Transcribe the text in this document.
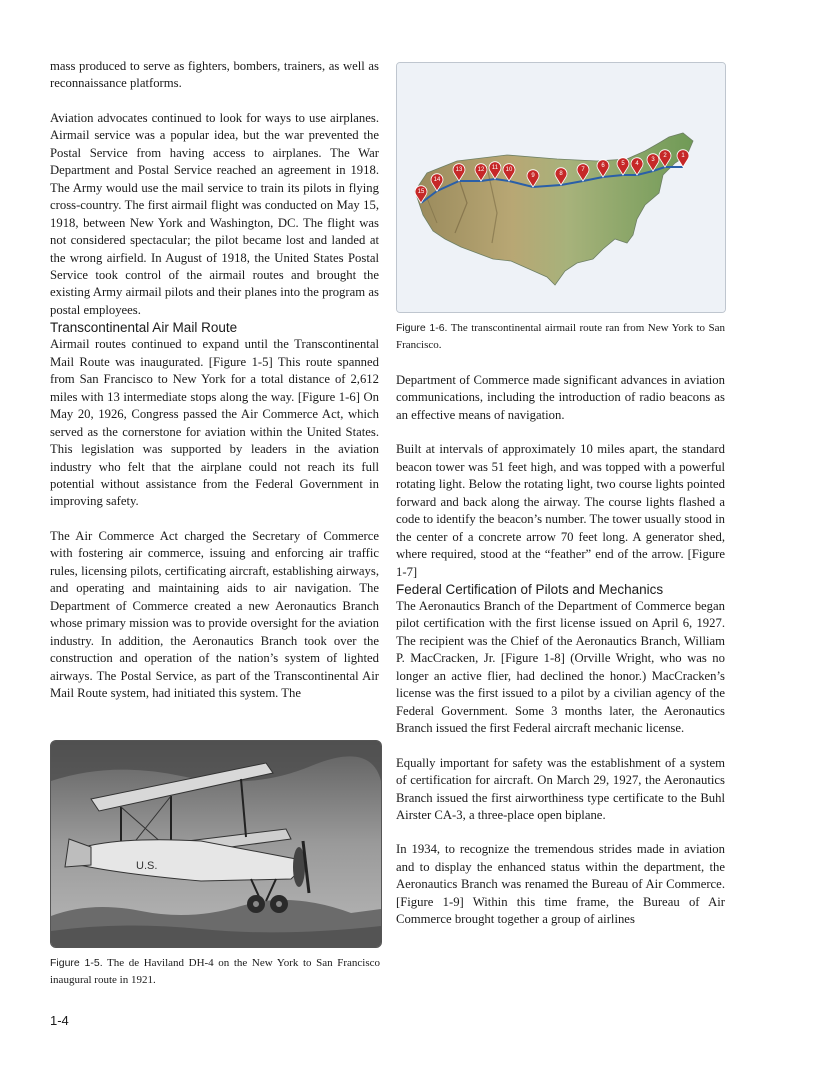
mass produced to serve as fighters, bombers, trainers, as well as reconnaissance platforms.

Aviation advocates continued to look for ways to use airplanes. Airmail service was a popular idea, but the war prevented the Postal Service from having access to airplanes. The War Department and Postal Service reached an agreement in 1918. The Army would use the mail service to train its pilots in flying cross-country. The first airmail flight was conducted on May 15, 1918, between New York and Washington, DC. The flight was not considered spectacular; the pilot became lost and landed at the wrong airfield. In August of 1918, the United States Postal Service took control of the airmail routes and brought the existing Army airmail pilots and their planes into the program as postal employees.

Transcontinental Air Mail Route

Airmail routes continued to expand until the Transcontinental Mail Route was inaugurated. [Figure 1-5] This route spanned from San Francisco to New York for a total distance of 2,612 miles with 13 intermediate stops along the way. [Figure 1-6] On May 20, 1926, Congress passed the Air Commerce Act, which served as the cornerstone for aviation within the United States. This legislation was supported by leaders in the aviation industry who felt that the airplane could not reach its full potential without assistance from the Federal Government in improving safety.

The Air Commerce Act charged the Secretary of Commerce with fostering air commerce, issuing and enforcing air traffic rules, licensing pilots, certificating aircraft, establishing airways, and operating and maintaining aids to air navigation. The Department of Commerce created a new Aeronautics Branch whose primary mission was to provide oversight for the aviation industry. In addition, the Aeronautics Branch took over the construction and operation of the nation’s system of lighted airways. The Postal Service, as part of the Transcontinental Air Mail Route system, had initiated this system. The

U.S.
Figure 1-5. The de Haviland DH-4 on the New York to San Francisco inaugural route in 1921.
1
2
3
4
5
6
7
8
9
10
11
12
13
14
15
Figure 1-6. The transcontinental airmail route ran from New York to San Francisco.

Department of Commerce made significant advances in aviation communications, including the introduction of radio beacons as an effective means of navigation.

Built at intervals of approximately 10 miles apart, the standard beacon tower was 51 feet high, and was topped with a powerful rotating light. Below the rotating light, two course lights pointed forward and back along the airway. The course lights flashed a code to identify the beacon’s number. The tower usually stood in the center of a concrete arrow 70 feet long. A generator shed, where required, stood at the “feather” end of the arrow. [Figure 1-7]

Federal Certification of Pilots and Mechanics

The Aeronautics Branch of the Department of Commerce began pilot certification with the first license issued on April 6, 1927. The recipient was the Chief of the Aeronautics Branch, William P. MacCracken, Jr. [Figure 1-8] (Orville Wright, who was no longer an active flier, had declined the honor.) MacCracken’s license was the first issued to a pilot by a civilian agency of the Federal Government. Some 3 months later, the Aeronautics Branch issued the first Federal aircraft mechanic license.

Equally important for safety was the establishment of a system of certification for aircraft. On March 29, 1927, the Aeronautics Branch issued the first airworthiness type certificate to the Buhl Airster CA-3, a three-place open biplane.

In 1934, to recognize the tremendous strides made in aviation and to display the enhanced status within the department, the Aeronautics Branch was renamed the Bureau of Air Commerce. [Figure 1-9] Within this time frame, the Bureau of Air Commerce brought together a group of airlines

1-4
